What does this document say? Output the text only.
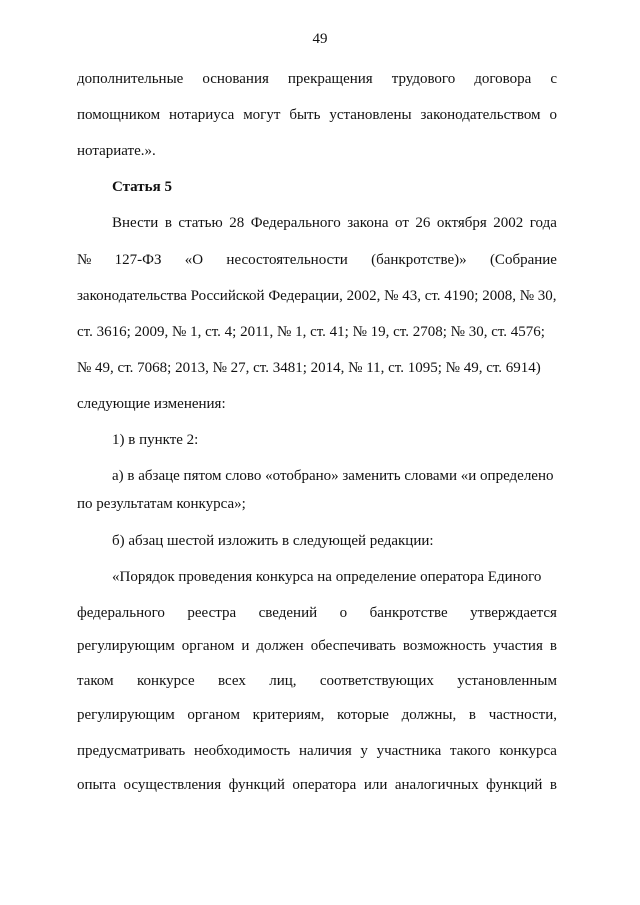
49
дополнительные основания прекращения трудового договора с
помощником нотариуса могут быть установлены законодательством о
нотариате.».
Статья 5
Внести в статью 28 Федерального закона от 26 октября 2002 года
№ 127-ФЗ «О несостоятельности (банкротстве)» (Собрание
законодательства Российской Федерации, 2002, № 43, ст. 4190; 2008, № 30,
ст. 3616; 2009, № 1, ст. 4; 2011, № 1, ст. 41; № 19, ст. 2708; № 30, ст. 4576;
№ 49, ст. 7068; 2013, № 27, ст. 3481; 2014, № 11, ст. 1095; № 49, ст. 6914)
следующие изменения:
1) в пункте 2:
а) в абзаце пятом слово «отобрано» заменить словами «и определено
по результатам конкурса»;
б) абзац шестой изложить в следующей редакции:
«Порядок проведения конкурса на определение оператора Единого
федерального реестра сведений о банкротстве утверждается
регулирующим органом и должен обеспечивать возможность участия в
таком конкурсе всех лиц, соответствующих установленным
регулирующим органом критериям, которые должны, в частности,
предусматривать необходимость наличия у участника такого конкурса
опыта осуществления функций оператора или аналогичных функций в
